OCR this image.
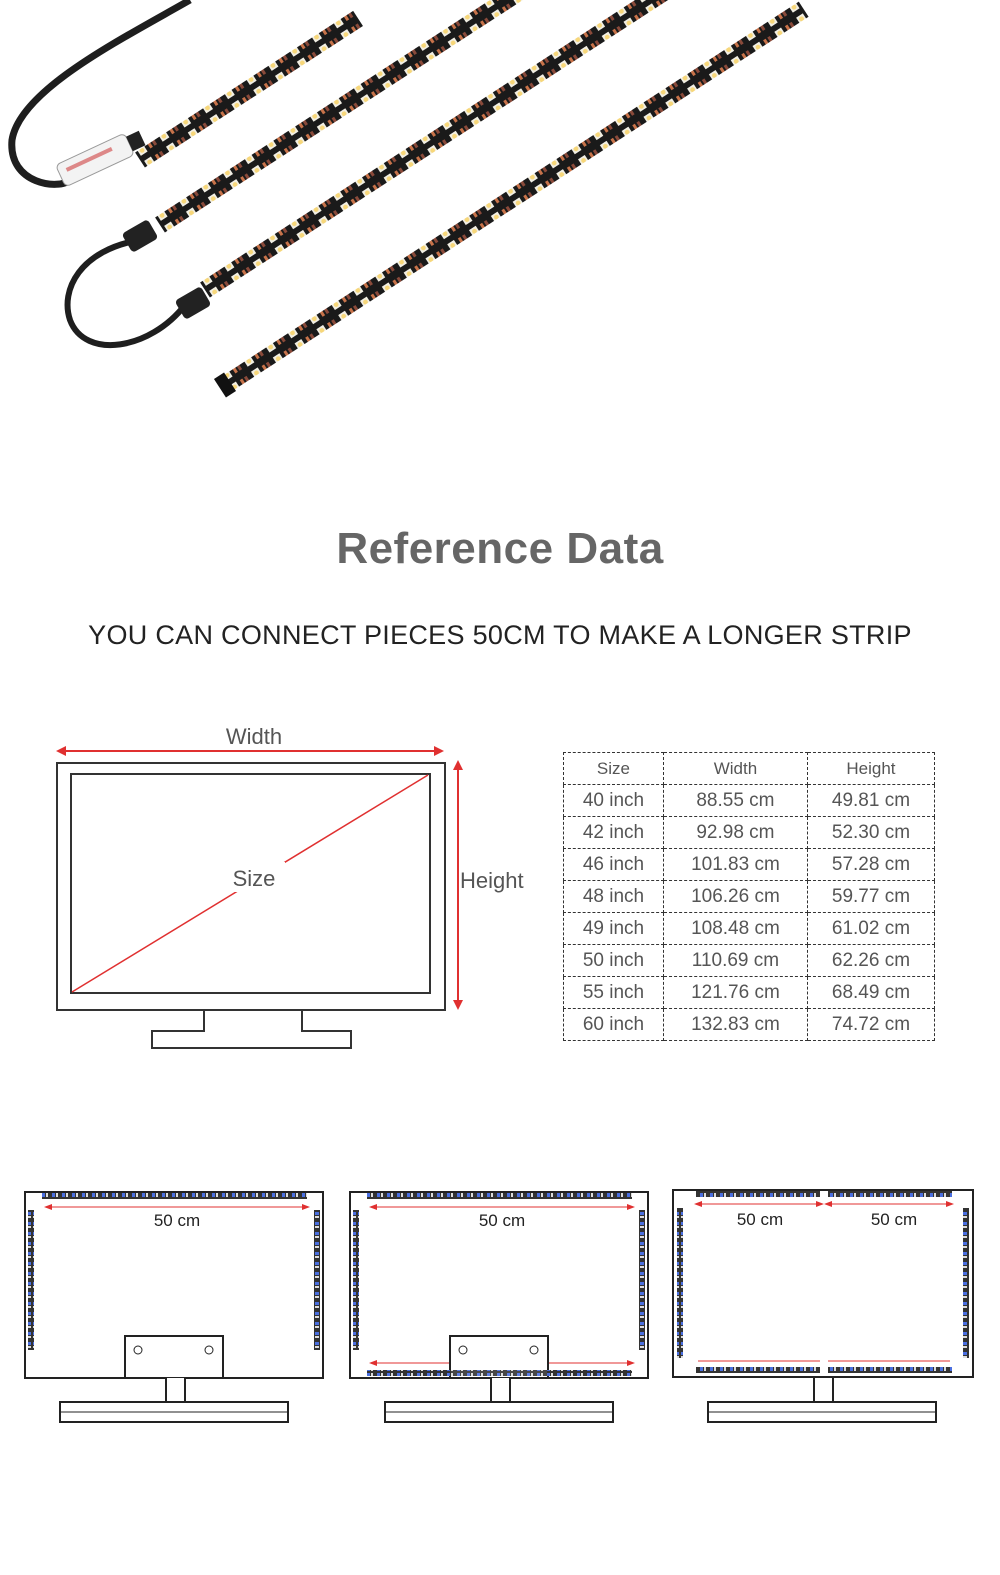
Reference Data
YOU CAN CONNECT PIECES 50CM TO MAKE A LONGER STRIP
Width
Height
Size
Size	Width	Height
40 inch	88.55 cm	49.81 cm
42 inch	92.98 cm	52.30 cm
46 inch	101.83 cm	57.28 cm
48 inch	106.26 cm	59.77 cm
49 inch	108.48 cm	61.02 cm
50 inch	110.69 cm	62.26 cm
55 inch	121.76 cm	68.49 cm
60 inch	132.83 cm	74.72 cm
50 cm	50 cm	50 cm	50 cm
